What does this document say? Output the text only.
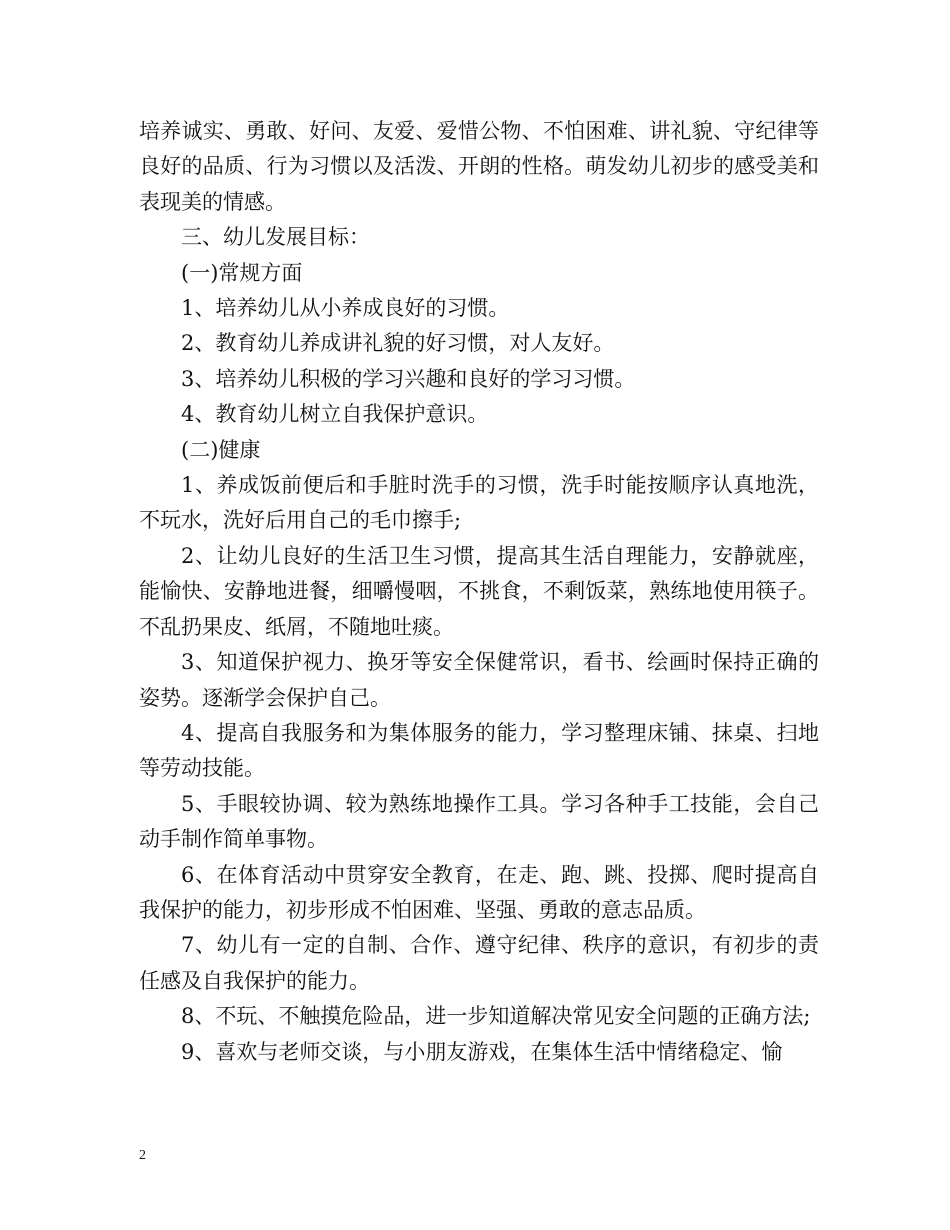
培养诚实、勇敢、好问、友爱、爱惜公物、不怕困难、讲礼貌、守纪律等良好的品质、行为习惯以及活泼、开朗的性格。萌发幼儿初步的感受美和表现美的情感。

三、幼儿发展目标：

(一)常规方面

1、培养幼儿从小养成良好的习惯。

2、教育幼儿养成讲礼貌的好习惯，对人友好。

3、培养幼儿积极的学习兴趣和良好的学习习惯。

4、教育幼儿树立自我保护意识。

(二)健康

1、养成饭前便后和手脏时洗手的习惯，洗手时能按顺序认真地洗，不玩水，洗好后用自己的毛巾擦手;

2、让幼儿良好的生活卫生习惯，提高其生活自理能力，安静就座，能愉快、安静地进餐，细嚼慢咽，不挑食，不剩饭菜，熟练地使用筷子。不乱扔果皮、纸屑，不随地吐痰。

3、知道保护视力、换牙等安全保健常识，看书、绘画时保持正确的姿势。逐渐学会保护自己。

4、提高自我服务和为集体服务的能力，学习整理床铺、抹桌、扫地等劳动技能。

5、手眼较协调、较为熟练地操作工具。学习各种手工技能，会自己动手制作简单事物。

6、在体育活动中贯穿安全教育，在走、跑、跳、投掷、爬时提高自我保护的能力，初步形成不怕困难、坚强、勇敢的意志品质。

7、幼儿有一定的自制、合作、遵守纪律、秩序的意识，有初步的责任感及自我保护的能力。

8、不玩、不触摸危险品，进一步知道解决常见安全问题的正确方法;

9、喜欢与老师交谈，与小朋友游戏，在集体生活中情绪稳定、愉

2
